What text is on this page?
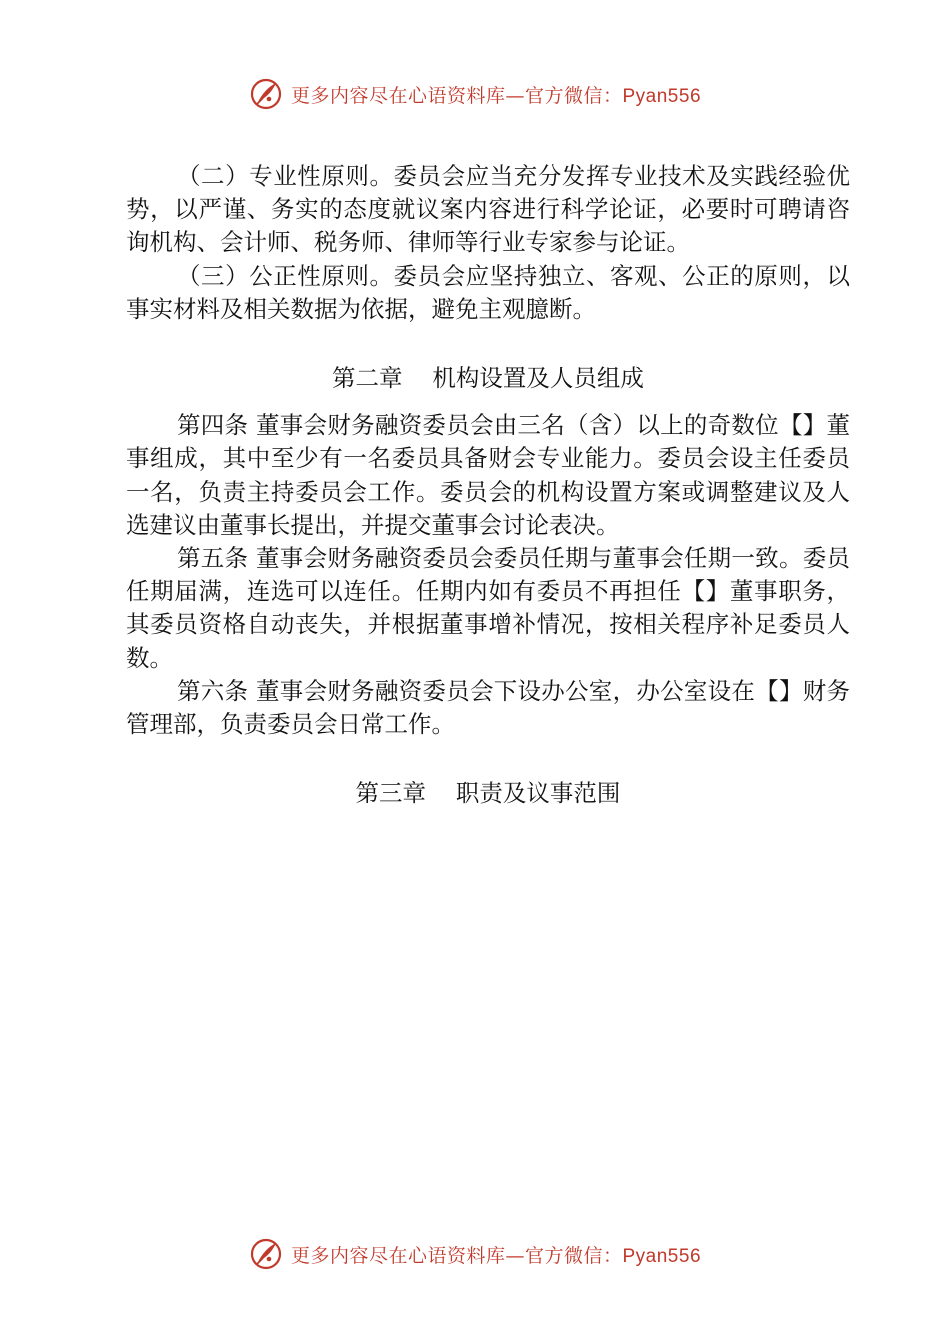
更多内容尽在心语资料库—官方微信：Pyan556

（二）专业性原则。委员会应当充分发挥专业技术及实践经验优势，以严谨、务实的态度就议案内容进行科学论证，必要时可聘请咨询机构、会计师、税务师、律师等行业专家参与论证。

（三）公正性原则。委员会应坚持独立、客观、公正的原则，以事实材料及相关数据为依据，避免主观臆断。

第二章    机构设置及人员组成

第四条 董事会财务融资委员会由三名（含）以上的奇数位【】董事组成，其中至少有一名委员具备财会专业能力。委员会设主任委员一名，负责主持委员会工作。委员会的机构设置方案或调整建议及人选建议由董事长提出，并提交董事会讨论表决。

第五条 董事会财务融资委员会委员任期与董事会任期一致。委员任期届满，连选可以连任。任期内如有委员不再担任【】董事职务，其委员资格自动丧失，并根据董事增补情况，按相关程序补足委员人数。

第六条 董事会财务融资委员会下设办公室，办公室设在【】财务管理部，负责委员会日常工作。

第三章    职责及议事范围

更多内容尽在心语资料库—官方微信：Pyan556
